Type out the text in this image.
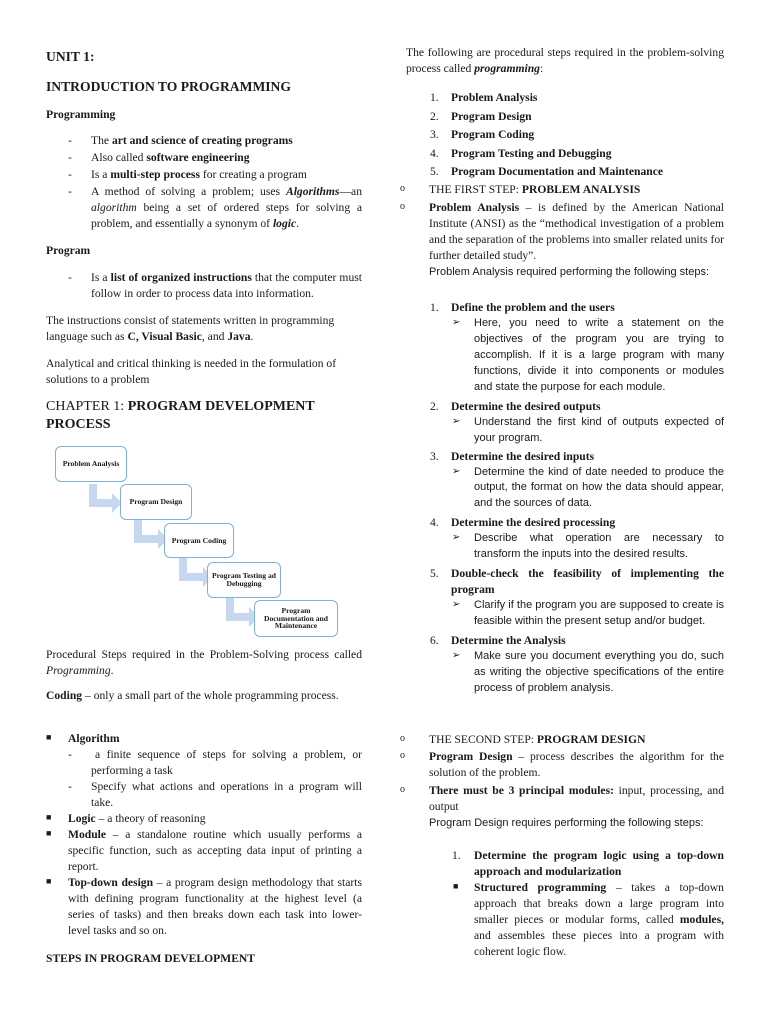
UNIT 1:
INTRODUCTION TO PROGRAMMING
Programming
- The art and science of creating programs
- Also called software engineering
- Is a multi-step process for creating a program
- A method of solving a problem; uses Algorithms—an algorithm being a set of ordered steps for solving a problem, and essentially a synonym of logic.
Program
- Is a list of organized instructions that the computer must follow in order to process data into information.
The instructions consist of statements written in programming language such as C, Visual Basic, and Java.
Analytical and critical thinking is needed in the formulation of solutions to a problem
CHAPTER 1: PROGRAM DEVELOPMENT PROCESS
Problem Analysis
Program Design
Program Coding
Program Testing ad Debugging
Program Documentation and Maintenance
Procedural Steps required in the Problem-Solving process called Programming.
Coding – only a small part of the whole programming process.
■ Algorithm
- a finite sequence of steps for solving a problem, or performing a task
- Specify what actions and operations in a program will take.
■ Logic – a theory of reasoning
■ Module – a standalone routine which usually performs a specific function, such as accepting data input of printing a report.
■ Top-down design – a program design methodology that starts with defining program functionality at the highest level (a series of tasks) and then breaks down each task into lower-level tasks and so on.
STEPS IN PROGRAM DEVELOPMENT
The following are procedural steps required in the problem-solving process called programming:
1. Problem Analysis
2. Program Design
3. Program Coding
4. Program Testing and Debugging
5. Program Documentation and Maintenance
o THE FIRST STEP: PROBLEM ANALYSIS
o Problem Analysis – is defined by the American National Institute (ANSI) as the “methodical investigation of a problem and the separation of the problems into smaller related units for further detailed study”.
Problem Analysis required performing the following steps:
1. Define the problem and the users
➢ Here, you need to write a statement on the objectives of the program you are trying to accomplish. If it is a large program with many functions, divide it into components or modules and state the purpose for each module.
2. Determine the desired outputs
➢ Understand the first kind of outputs expected of your program.
3. Determine the desired inputs
➢ Determine the kind of date needed to produce the output, the format on how the data should appear, and the sources of data.
4. Determine the desired processing
➢ Describe what operation are necessary to transform the inputs into the desired results.
5. Double-check the feasibility of implementing the program
➢ Clarify if the program you are supposed to create is feasible within the present setup and/or budget.
6. Determine the Analysis
➢ Make sure you document everything you do, such as writing the objective specifications of the entire process of problem analysis.
o THE SECOND STEP: PROGRAM DESIGN
o Program Design – process describes the algorithm for the solution of the problem.
o There must be 3 principal modules: input, processing, and output
Program Design requires performing the following steps:
1. Determine the program logic using a top-down approach and modularization
■ Structured programming – takes a top-down approach that breaks down a large program into smaller pieces or modular forms, called modules, and assembles these pieces into a program with coherent logic flow.
